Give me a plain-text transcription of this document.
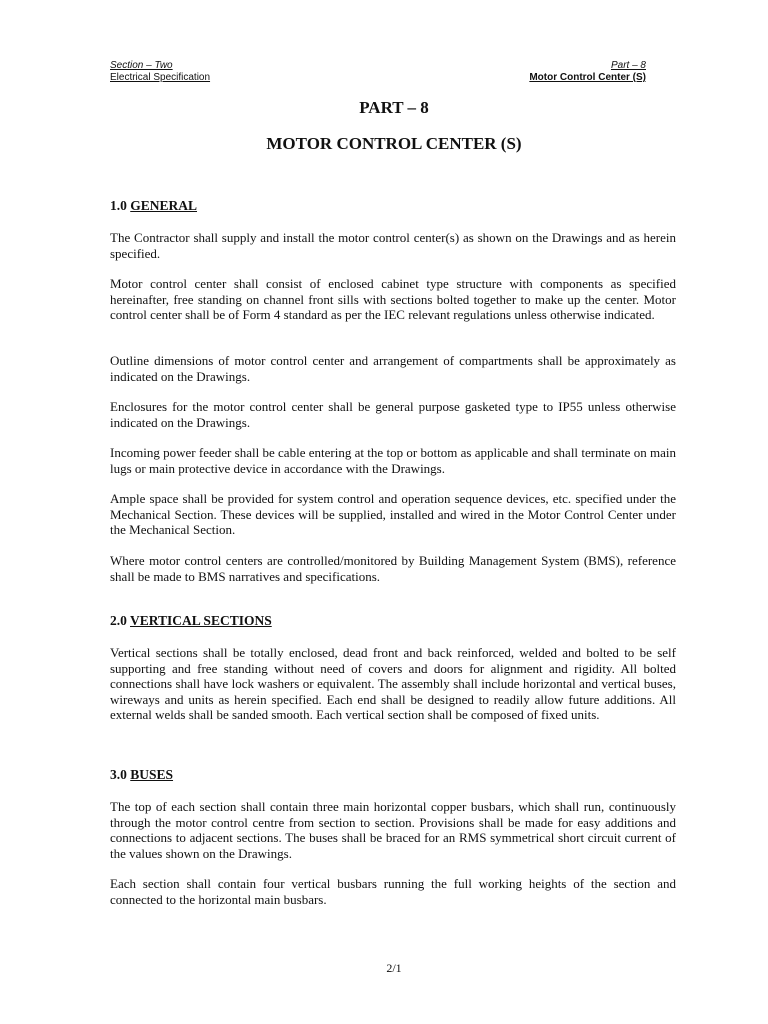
Section – Two
Electrical Specification
Part – 8
Motor Control Center (S)
PART – 8
MOTOR CONTROL CENTER (S)
1.0 GENERAL

The Contractor shall supply and install the motor control center(s) as shown on the Drawings and as herein specified.

Motor control center shall consist of enclosed cabinet type structure with components as specified hereinafter, free standing on channel front sills with sections bolted together to make up the center. Motor control center shall be of Form 4 standard as per the IEC relevant regulations unless otherwise indicated.

Outline dimensions of motor control center and arrangement of compartments shall be approximately as indicated on the Drawings.

Enclosures for the motor control center shall be general purpose gasketed type to IP55 unless otherwise indicated on the Drawings.

Incoming power feeder shall be cable entering at the top or bottom as applicable and shall terminate on main lugs or main protective device in accordance with the Drawings.

Ample space shall be provided for system control and operation sequence devices, etc. specified under the Mechanical Section. These devices will be supplied, installed and wired in the Motor Control Center under the Mechanical Section.

Where motor control centers are controlled/monitored by Building Management System (BMS), reference shall be made to BMS narratives and specifications.

2.0 VERTICAL SECTIONS

Vertical sections shall be totally enclosed, dead front and back reinforced, welded and bolted to be self supporting and free standing without need of covers and doors for alignment and rigidity. All bolted connections shall have lock washers or equivalent. The assembly shall include horizontal and vertical buses, wireways and units as herein specified. Each end shall be designed to readily allow future additions. All external welds shall be sanded smooth. Each vertical section shall be composed of fixed units.

3.0 BUSES

The top of each section shall contain three main horizontal copper busbars, which shall run, continuously through the motor control centre from section to section. Provisions shall be made for easy additions and connections to adjacent sections. The buses shall be braced for an RMS symmetrical short circuit current of the values shown on the Drawings.

Each section shall contain four vertical busbars running the full working heights of the section and connected to the horizontal main busbars.

2/1
